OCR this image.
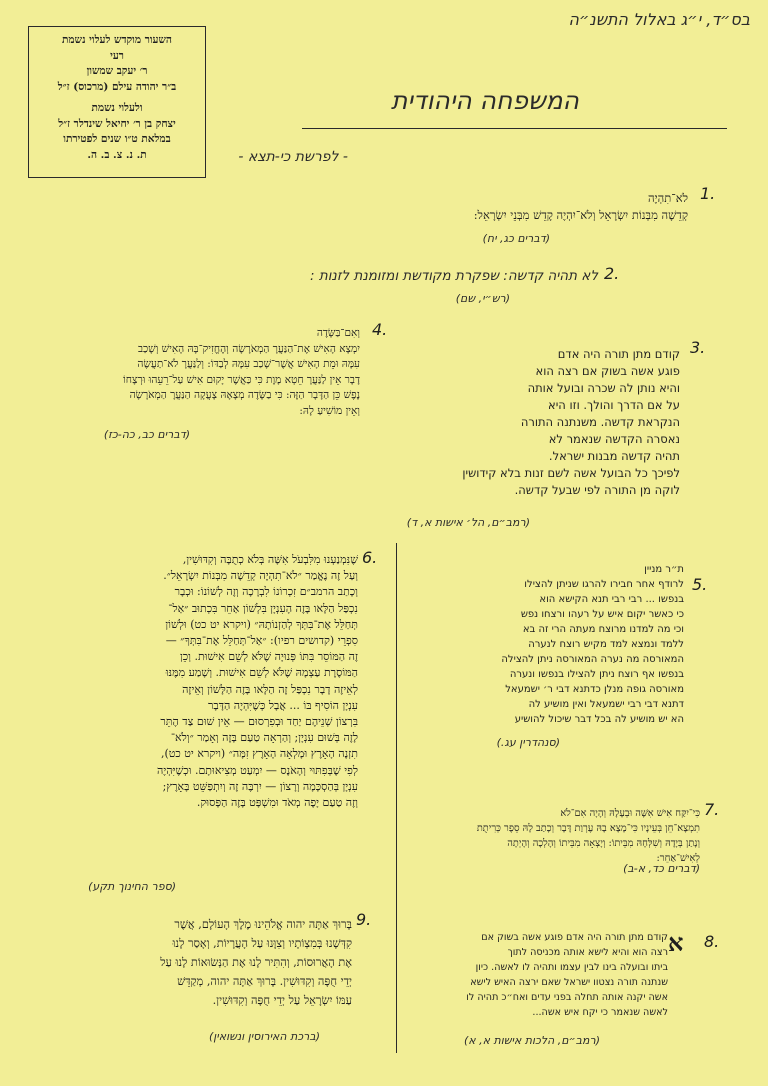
בס״ד, י״ג באלול התשנ״ה
השעור מוקדש לעלוי נשמת
רעי
ר׳ יעקב שמשון
ב״ר יהודה עילם (מרכוס) ז״ל
ולעלוי נשמת
יצחק בן ר׳ יחיאל שינדלר ז״ל
במלאת ט״ו שנים לפטירתו
ת. נ. צ. ב. ה.
המשפחה היהודית
- לפרשת כי-תצא -
1.
לֹא־תִהְיֶה
קְדֵשָׁה מִבְּנוֹת יִשְׂרָאֵל וְלֹא־יִהְיֶה קָדֵשׁ מִבְּנֵי יִשְׂרָאֵל:
(דברים כג, יח)
2.
לא תהיה קדשה: שפקרת מקודשת ומזומנת לזנות :
(רש״י, שם)
4.
וְאִם־בַּשָּׂדֶה
יִמְצָא הָאִישׁ אֶת־הַנַּעֲרָ הַמְאֹרָשָׂה וְהֶחֱזִיק־בָּהּ הָאִישׁ וְשָׁכַב
עִמָּהּ וּמֵת הָאִישׁ אֲשֶׁר־שָׁכַב עִמָּהּ לְבַדּוֹ: וְלַנַּעֲרָ לֹא־תַעֲשֶׂה
דָבָר אֵין לַנַּעֲרָ חֵטְא מָוֶת כִּי כַּאֲשֶׁר יָקוּם אִישׁ עַל־רֵעֵהוּ וּרְצָחוֹ
נֶפֶשׁ כֵּן הַדָּבָר הַזֶּה: כִּי בַשָּׂדֶה מְצָאָהּ צָעֲקָה הַנַּעֲרָ הַמְאֹרָשָׂה
וְאֵין מוֹשִׁיעַ לָהּ:
(דברים כב, כה-כז)
3.
קודם מתן תורה היה אדם
פוגע אשה בשוק אם רצה הוא
והיא נותן לה שכרה ובועל אותה
על אם הדרך והולך. וזו היא
הנקראת קדשה. משנתנה התורה
נאסרה הקדשה שנאמר לא
תהיה קדשה מבנות ישראל.
לפיכך כל הבועל אשה לשם זנות בלא קידושין
לוקה מן התורה לפי שבעל קדשה.
(רמב״ם, הל׳ אישות א, ד)
6.
שֶׁנִּמְנַעְנוּ מִלִּבְעֹל אִשָּׁה בְּלֹא כְתֻבָּה וְקִדּוּשִׁין,
וְעַל זֶה נֶאֱמַר ״לֹא־תִהְיֶה קְדֵשָׁה מִבְּנוֹת יִשְׂרָאֵל״.
וְכָתַב הרמב״ם זִכְרוֹנוֹ לִבְרָכָה וְזֶה לְשׁוֹנוֹ: וּכְבָר
נִכְפַּל הַלָּאו בָּזֶה הָעִנְיָן בִּלְשׁוֹן אַחֵר בִּכְתוּב ״אַל־
תְּחַלֵּל אֶת־בִּתְּךָ לְהַזְנוֹתָהּ״ (ויקרא יט כט) וּלְשׁוֹן
סִפְרֵי (קדושים רפיו): ״אַל־תְּחַלֵּל אֶת־בִּתְּךָ״ —
זֶה הַמּוֹסֵר בִּתּוֹ פְּנוּיָה שֶׁלֹּא לְשֵׁם אִישׁוּת. וְכֵן
הַמּוֹסֶרֶת עַצְמָהּ שֶׁלֹּא לְשֵׁם אִישׁוּת. וְשָׁמַע מִמֶּנּוּ
לְאֵיזֶה דָבָר נִכְפַּל זֶה הַלָּאו בָּזֶה הַלָּשׁוֹן וְאֵיזֶה
עִנְיָן הוֹסִיף בּוֹ ... אֲבָל כְּשֶׁיִּהְיֶה הַדָּבָר
בִּרְצוֹן שְׁנֵיהֶם יַחַד וּבְפִרְסוּם — אֵין שׁוּם צַד הֶתֵּר
לָזֶה בְּשׁוּם עִנְיָן; וְהַרְאָה טַעַם בָּזֶה וְאָמַר ״וְלֹא־
תִזְנֶה הָאָרֶץ וּמָלְאָה הָאָרֶץ זִמָּה״ (ויקרא יט כט),
לְפִי שֶׁבְּפִתּוּי וְהָאֹנֶס — יִמְעַט מְצִיאוּתָם. וּכְשֶׁיִּהְיֶה
עִנְיָן בְּהַסְכָּמָה וְרָצוֹן — יִרְבֶּה זֶה וְיִתְפַּשֵּׁט בָּאָרֶץ;
וְזֶה טַעַם יָפֶה מְאֹד וּמִשְׁפָּט בָּזֶה הַפָּסוּק.
(ספר החינוך תקע)
5.
ת״ר מניין
לרודף אחר חבירו להרגו שניתן להצילו
בנפשו ... רבי רבי תנא הקישא הוא
כי כאשר יקום איש על רעהו ורצחו נפש
וכי מה למדנו מרוצח מעתה הרי זה בא
ללמד ונמצא למד מקיש רוצח לנערה
המאורסה מה נערה המאורסה ניתן להצילה
בנפשו אף רוצח ניתן להצילו בנפשו ונערה
מאורסה גופה מנלן כדתנא דבי ר׳ ישמעאל
דתנא דבי רבי ישמעאל ואין מושיע לה
הא יש מושיע לה בכל דבר שיכול להושיע
(סנהדרין עג.)
7.
כִּי־יִקַּח אִישׁ אִשָּׁה וּבְעָלָהּ וְהָיָה אִם־לֹא
תִמְצָא־חֵן בְּעֵינָיו כִּי־מָצָא בָהּ עֶרְוַת דָּבָר וְכָתַב לָהּ סֵפֶר כְּרִיתֻת
וְנָתַן בְּיָדָהּ וְשִׁלְּחָהּ מִבֵּיתוֹ: וְיָצְאָה מִבֵּיתוֹ וְהָלְכָה וְהָיְתָה
לְאִישׁ־אַחֵר:
(דברים כד, א-ב)
8.
א
קודם מתן תורה היה אדם פוגע אשה בשוק אם
רצה הוא והיא לישא אותה מכניסה לתוך
ביתו ובועלה בינו לבין עצמו ותהיה לו לאשה. כיון
שנתנה תורה נצטוו ישראל שאם ירצה האיש לישא
אשה יקנה אותה תחלה בפני עדים ואח״כ תהיה לו
לאשה שנאמר כי יקח איש אשה...
(רמב״ם, הלכות אישות א, א)
9.
בָּרוּךְ אַתָּה יהוה אֱלֹהֵינוּ מֶלֶךְ הָעוֹלָם, אֲשֶׁר
קִדְּשָׁנוּ בְּמִצְוֹתָיו וְצִוָּנוּ עַל הָעֲרָיוֹת, וְאָסַר לָנוּ
אֶת הָאֲרוּסוֹת, וְהִתִּיר לָנוּ אֶת הַנְּשׂוּאוֹת לָנוּ עַל
יְדֵי חֻפָּה וְקִדּוּשִׁין. בָּרוּךְ אַתָּה יהוה, מְקַדֵּשׁ
עַמּוֹ יִשְׂרָאֵל עַל יְדֵי חֻפָּה וְקִדּוּשִׁין.
(ברכת האירוסין ונשואין)
